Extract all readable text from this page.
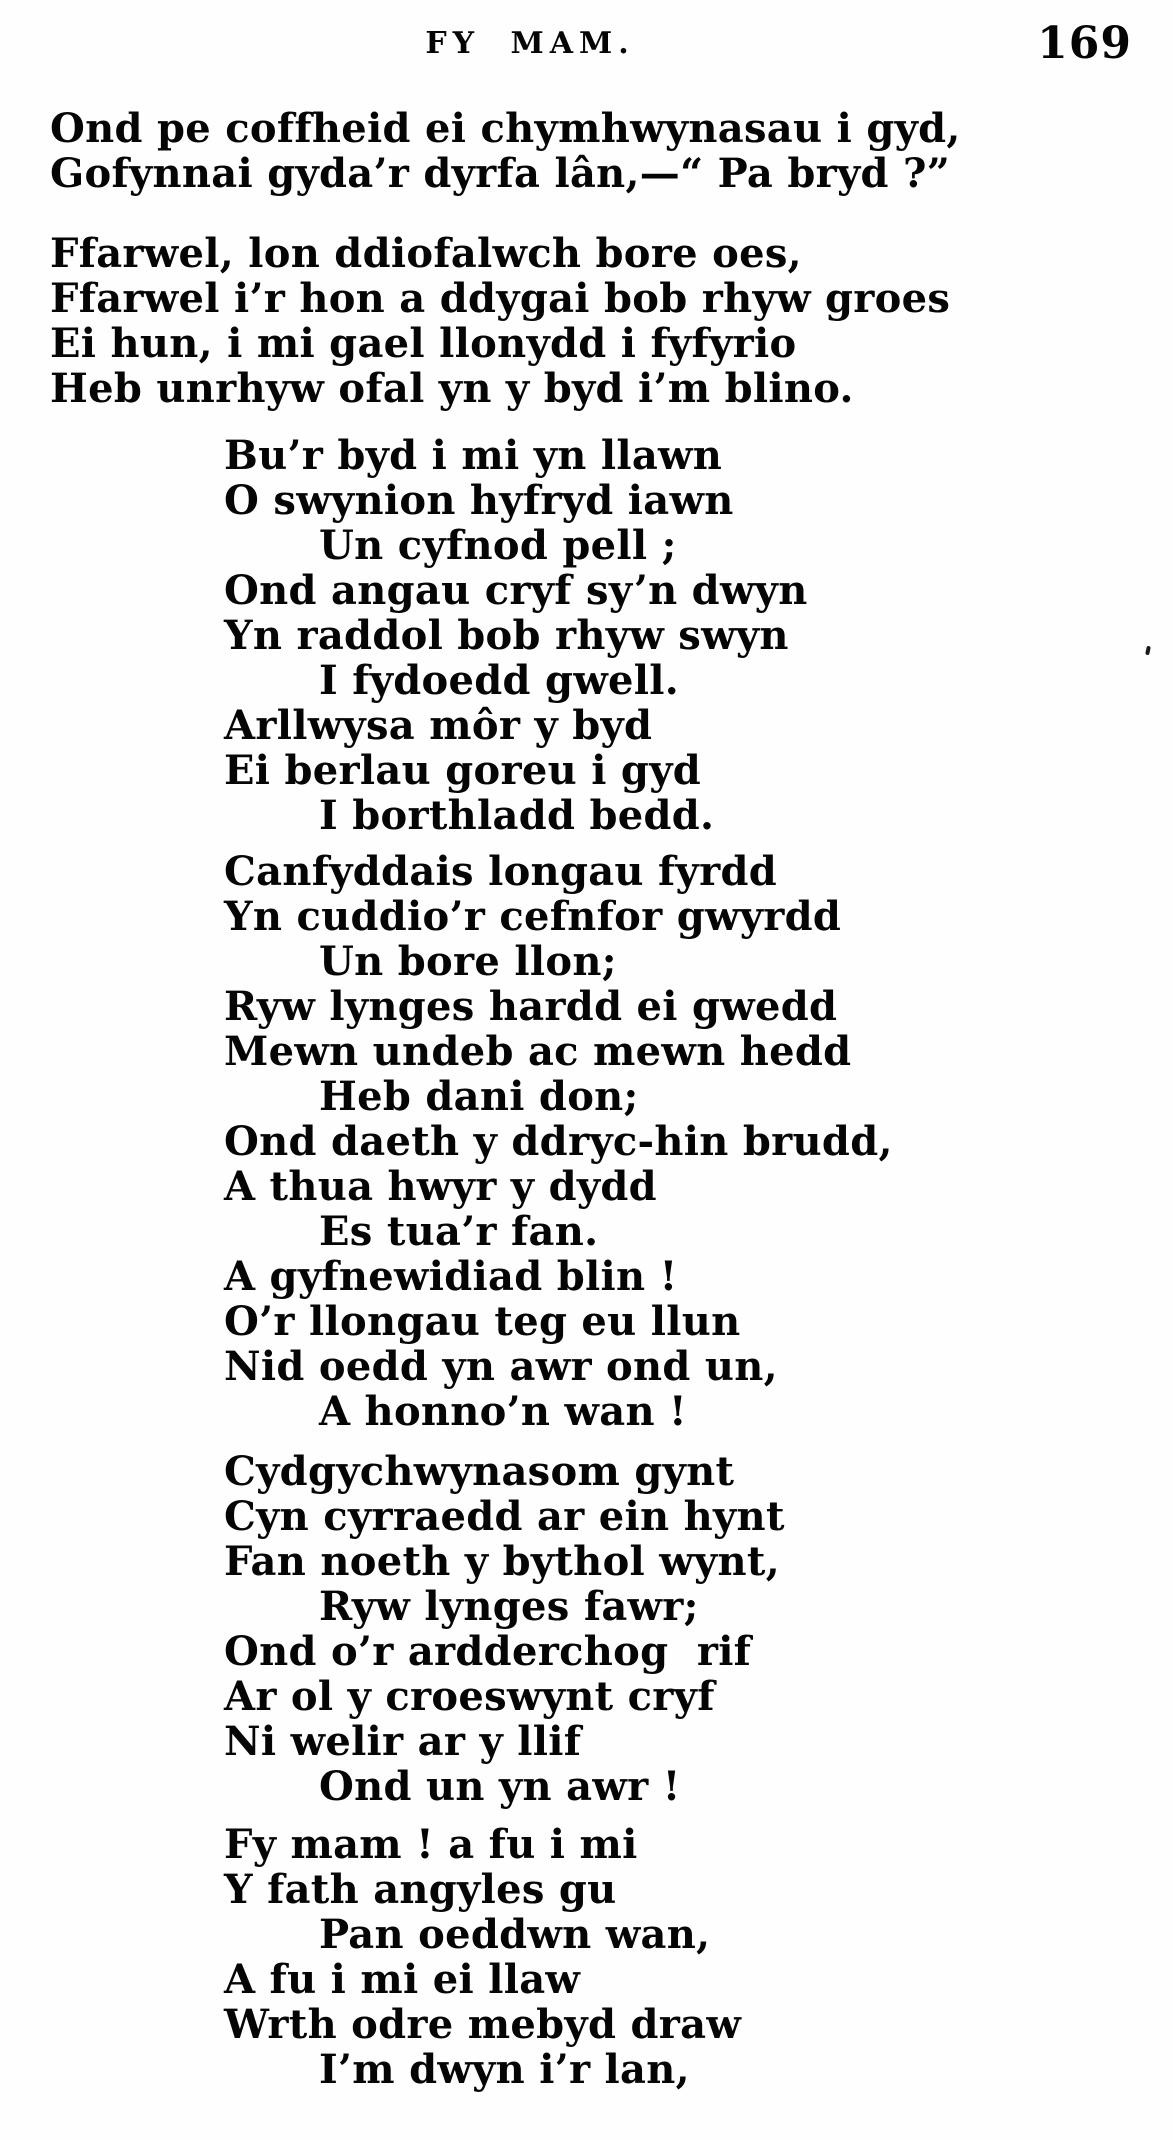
FY MAM.	169
Ond pe coffheid ei chymhwynasau i gyd,
Gofynnai gyda’r dyrfa lân,—“ Pa bryd ?”
Ffarwel, lon ddiofalwch bore oes,
Ffarwel i’r hon a ddygai bob rhyw groes
Ei hun, i mi gael llonydd i fyfyrio
Heb unrhyw ofal yn y byd i’m blino.
Bu’r byd i mi yn llawn
O swynion hyfryd iawn
Un cyfnod pell ;
Ond angau cryf sy’n dwyn
Yn raddol bob rhyw swyn
I fydoedd gwell.
Arllwysa môr y byd
Ei berlau goreu i gyd
I borthladd bedd.
Canfyddais longau fyrdd
Yn cuddio’r cefnfor gwyrdd
Un bore llon;
Ryw lynges hardd ei gwedd
Mewn undeb ac mewn hedd
Heb dani don;
Ond daeth y ddryc-hin brudd,
A thua hwyr y dydd
Es tua’r fan.
A gyfnewidiad blin !
O’r llongau teg eu llun
Nid oedd yn awr ond un,
A honno’n wan !
Cydgychwynasom gynt
Cyn cyrraedd ar ein hynt
Fan noeth y bythol wynt,
Ryw lynges fawr;
Ond o’r ardderchog  rif
Ar ol y croeswynt cryf
Ni welir ar y llif
Ond un yn awr !
Fy mam ! a fu i mi
Y fath angyles gu
Pan oeddwn wan,
A fu i mi ei llaw
Wrth odre mebyd draw
I’m dwyn i’r lan,
